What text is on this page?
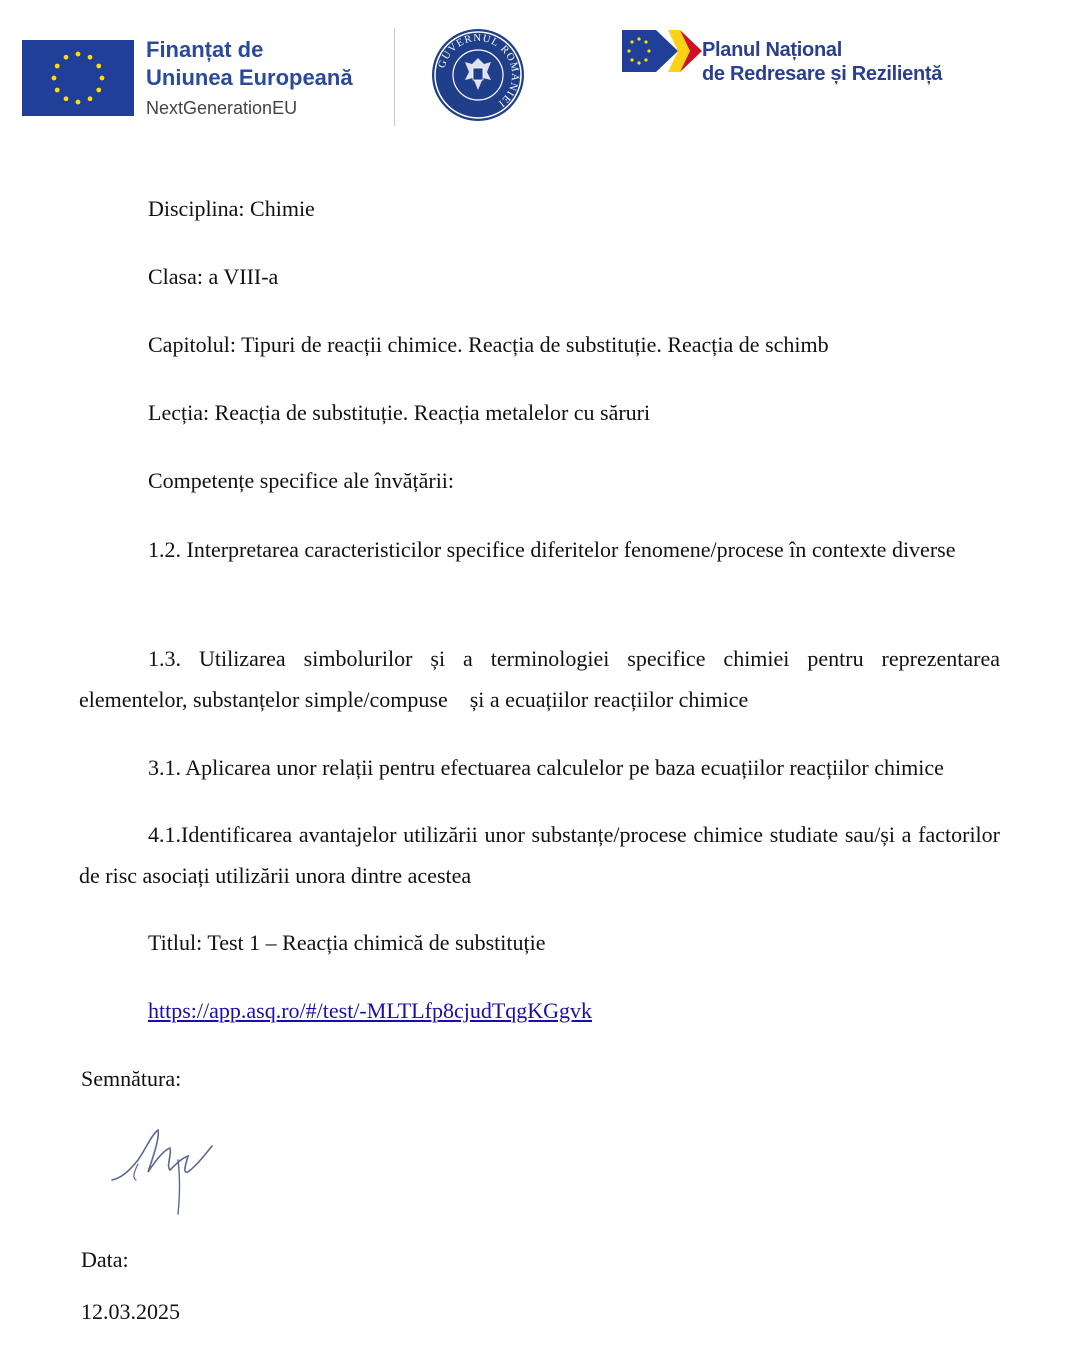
Finanțat de
Uniunea Europeană
NextGenerationEU
GUVERNUL ROMÂNIEI
Planul Național
de Redresare și Reziliență
Disciplina: Chimie
Clasa: a VIII-a
Capitolul: Tipuri de reacții chimice. Reacția de substituție. Reacția de schimb
Lecția: Reacția de substituție. Reacția metalelor cu săruri
Competențe specifice ale învățării:
1.2. Interpretarea caracteristicilor specifice diferitelor fenomene/procese în contexte diverse
1.3. Utilizarea simbolurilor și a terminologiei specifice chimiei pentru reprezentarea elementelor, substanțelor simple/compuse    și a ecuațiilor reacțiilor chimice
3.1. Aplicarea unor relații pentru efectuarea calculelor pe baza ecuațiilor reacțiilor chimice
4.1.Identificarea avantajelor utilizării unor substanțe/procese chimice studiate sau/și a factorilor de risc asociați utilizării unora dintre acestea
Titlul: Test 1 – Reacția chimică de substituție
https://app.asq.ro/#/test/-MLTLfp8cjudTqgKGgvk
Semnătura:
Data:
12.03.2025
